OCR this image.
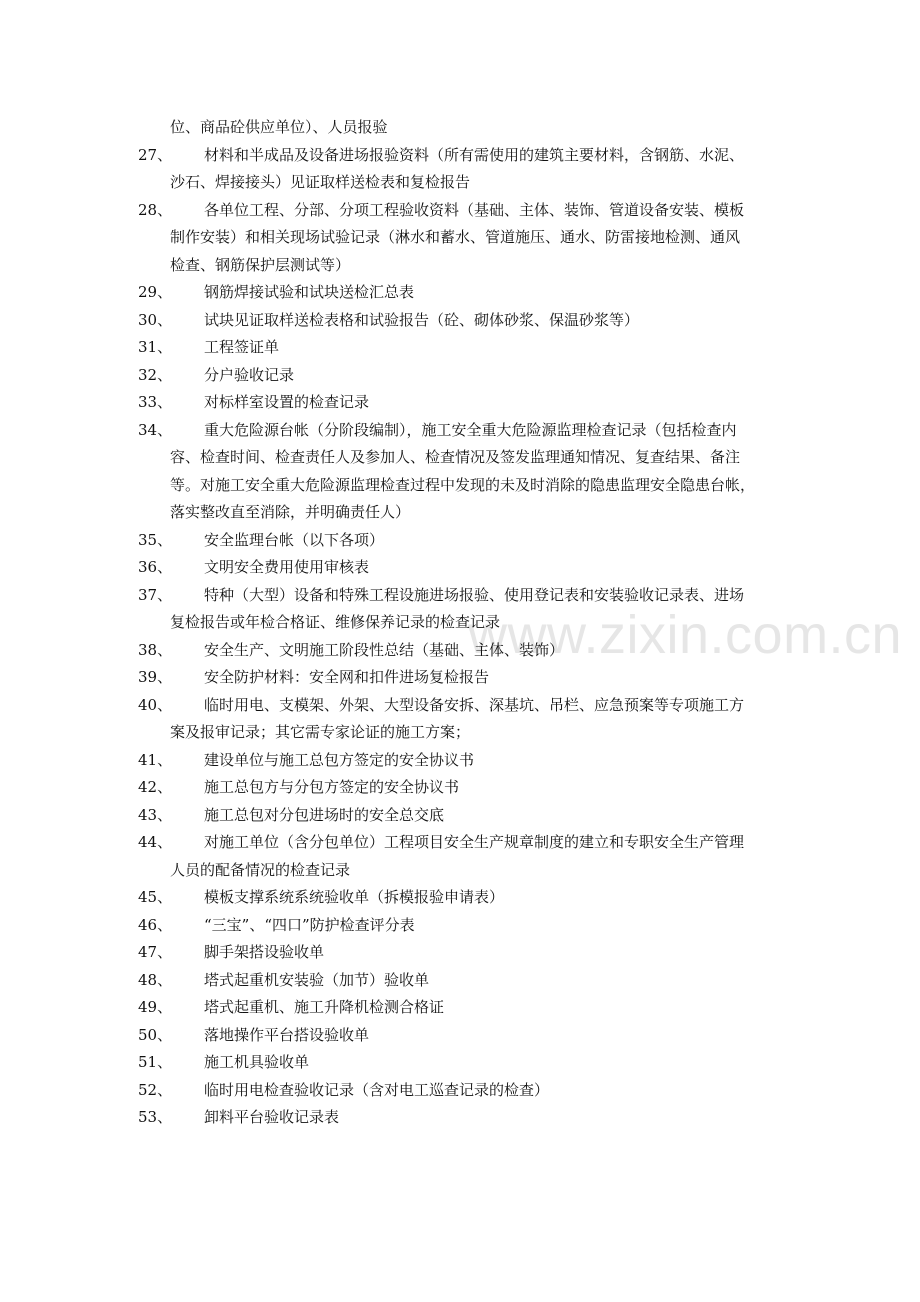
www.zixin.com.cn
位、商品砼供应单位）、人员报验
27、	材料和半成品及设备进场报验资料（所有需使用的建筑主要材料，含钢筋、水泥、
沙石、焊接接头）见证取样送检表和复检报告
28、	各单位工程、分部、分项工程验收资料（基础、主体、装饰、管道设备安装、模板
制作安装）和相关现场试验记录（淋水和蓄水、管道施压、通水、防雷接地检测、通风
检查、钢筋保护层测试等）
29、	钢筋焊接试验和试块送检汇总表
30、	试块见证取样送检表格和试验报告（砼、砌体砂浆、保温砂浆等）
31、	工程签证单
32、	分户验收记录
33、	对标样室设置的检查记录
34、	重大危险源台帐（分阶段编制），施工安全重大危险源监理检查记录（包括检查内
容、检查时间、检查责任人及参加人、检查情况及签发监理通知情况、复查结果、备注
等。对施工安全重大危险源监理检查过程中发现的未及时消除的隐患监理安全隐患台帐，
落实整改直至消除，并明确责任人）
35、	安全监理台帐（以下各项）
36、	文明安全费用使用审核表
37、	特种（大型）设备和特殊工程设施进场报验、使用登记表和安装验收记录表、进场
复检报告或年检合格证、维修保养记录的检查记录
38、	安全生产、文明施工阶段性总结（基础、主体、装饰）
39、	安全防护材料：安全网和扣件进场复检报告
40、	临时用电、支模架、外架、大型设备安拆、深基坑、吊栏、应急预案等专项施工方
案及报审记录；其它需专家论证的施工方案；
41、	建设单位与施工总包方签定的安全协议书
42、	施工总包方与分包方签定的安全协议书
43、	施工总包对分包进场时的安全总交底
44、	对施工单位（含分包单位）工程项目安全生产规章制度的建立和专职安全生产管理
人员的配备情况的检查记录
45、	模板支撑系统系统验收单（拆模报验申请表）
46、	“三宝”、“四口”防护检查评分表
47、	脚手架搭设验收单
48、	塔式起重机安装验（加节）验收单
49、	塔式起重机、施工升降机检测合格证
50、	落地操作平台搭设验收单
51、	施工机具验收单
52、	临时用电检查验收记录（含对电工巡查记录的检查）
53、	卸料平台验收记录表
